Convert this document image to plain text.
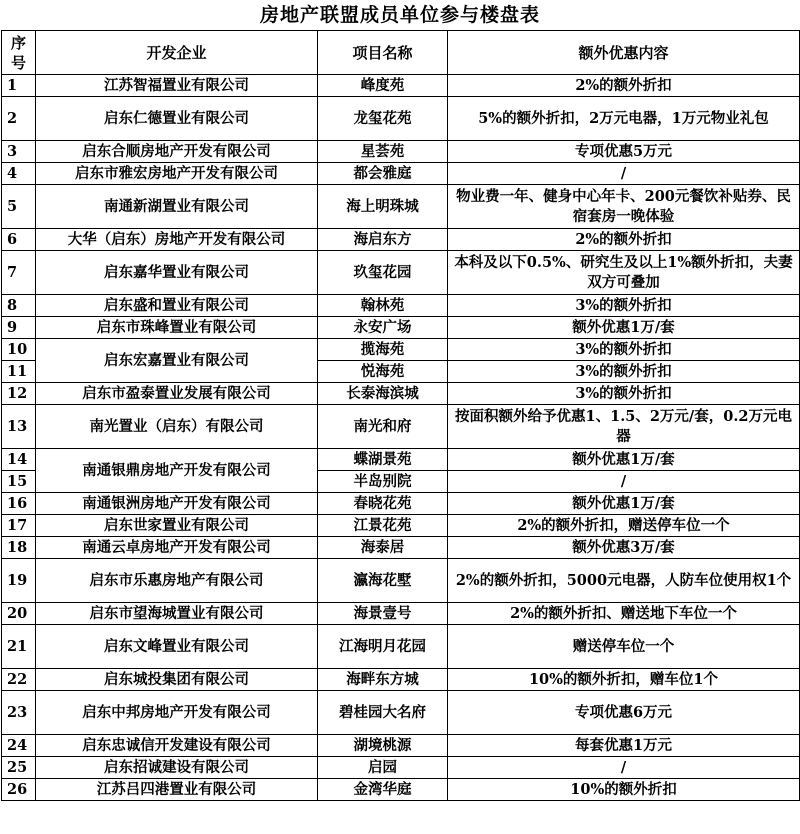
房地产联盟成员单位参与楼盘表
序号	开发企业	项目名称	额外优惠内容
1	江苏智福置业有限公司	峰度苑	2%的额外折扣
2	启东仁德置业有限公司	龙玺花苑	5%的额外折扣，2万元电器，1万元物业礼包
3	启东合顺房地产开发有限公司	星荟苑	专项优惠5万元
4	启东市雅宏房地产开发有限公司	都会雅庭	/
5	南通新湖置业有限公司	海上明珠城	物业费一年、健身中心年卡、200元餐饮补贴券、民宿套房一晚体验
6	大华（启东）房地产开发有限公司	海启东方	2%的额外折扣
7	启东嘉华置业有限公司	玖玺花园	本科及以下0.5%、研究生及以上1%额外折扣，夫妻双方可叠加
8	启东盛和置业有限公司	翰林苑	3%的额外折扣
9	启东市珠峰置业有限公司	永安广场	额外优惠1万/套
10	启东宏嘉置业有限公司	揽海苑	3%的额外折扣
11		悦海苑	3%的额外折扣
12	启东市盈泰置业发展有限公司	长泰海滨城	3%的额外折扣
13	南光置业（启东）有限公司	南光和府	按面积额外给予优惠1、1.5、2万元/套，0.2万元电器
14	南通银鼎房地产开发有限公司	蝶湖景苑	额外优惠1万/套
15		半岛别院	/
16	南通银洲房地产开发有限公司	春晓花苑	额外优惠1万/套
17	启东世家置业有限公司	江景花苑	2%的额外折扣，赠送停车位一个
18	南通云卓房地产开发有限公司	海泰居	额外优惠3万/套
19	启东市乐惠房地产有限公司	瀛海花墅	2%的额外折扣，5000元电器，人防车位使用权1个
20	启东市望海城置业有限公司	海景壹号	2%的额外折扣、赠送地下车位一个
21	启东文峰置业有限公司	江海明月花园	赠送停车位一个
22	启东城投集团有限公司	海畔东方城	10%的额外折扣，赠车位1个
23	启东中邦房地产开发有限公司	碧桂园大名府	专项优惠6万元
24	启东忠诚信开发建设有限公司	湖境桃源	每套优惠1万元
25	启东招诚建设有限公司	启园	/
26	江苏吕四港置业有限公司	金湾华庭	10%的额外折扣
